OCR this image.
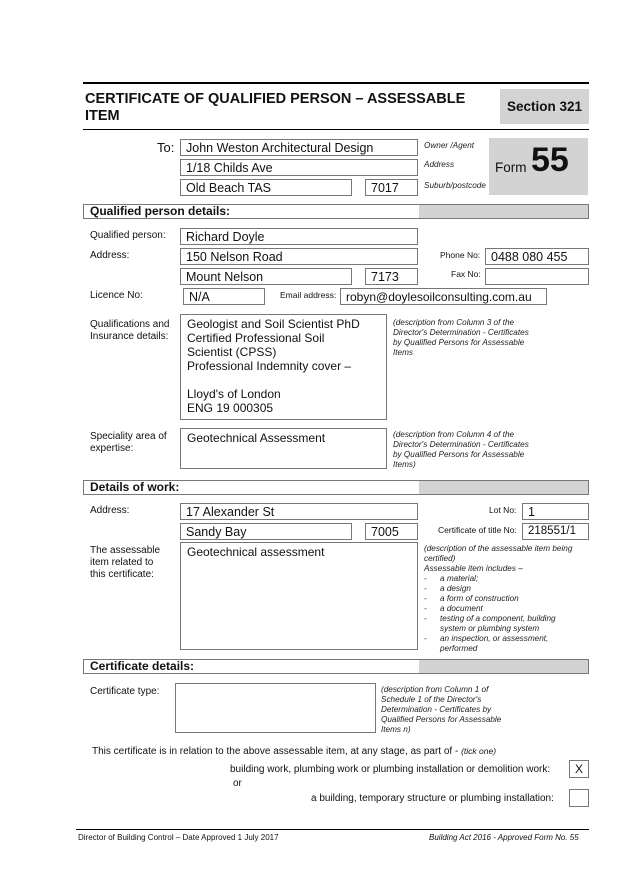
CERTIFICATE OF QUALIFIED PERSON – ASSESSABLE
ITEM
Section 321
To: John Weston Architectural Design
1/18 Childs Ave
Old Beach TAS	7017
Owner /Agent
Address
Suburb/postcode
Form 55
Qualified person details:
Qualified person:	Richard Doyle
Address:	150 Nelson Road
Mount Nelson	7173
Phone No: 0488 080 455
Fax No:
Licence No:	N/A	Email address: robyn@doylesoilconsulting.com.au
Qualifications and
Insurance details:
Geologist and Soil Scientist PhD
Certified Professional Soil
Scientist (CPSS)
Professional Indemnity cover –
Lloyd's of London
ENG 19 000305
(description from Column 3 of the
Director's Determination - Certificates
by Qualified Persons for Assessable
Items
Speciality area of
expertise:
Geotechnical Assessment	(description from Column 4 of the
Director's Determination - Certificates
by Qualified Persons for Assessable
Items)
Details of work:
Address:	17 Alexander St
Sandy Bay	7005
Lot No: 1
Certificate of title No: 218551/1
The assessable
item related to
this certificate:
Geotechnical assessment	(description of the assessable item being
certified)
Assessable item includes –
- a material;
- a design
- a form of construction
- a document
- testing of a component, building
system or plumbing system
- an inspection, or assessment,
performed
Certificate details:
Certificate type:	(description from Column 1 of
Schedule 1 of the Director's
Determination - Certificates by
Qualified Persons for Assessable
Items n)
This certificate is in relation to the above assessable item, at any stage, as part of - (tick one)
building work, plumbing work or plumbing installation or demolition work:	X
or
a building, temporary structure or plumbing installation:
Director of Building Control – Date Approved 1 July 2017	Building Act 2016 - Approved Form No. 55
